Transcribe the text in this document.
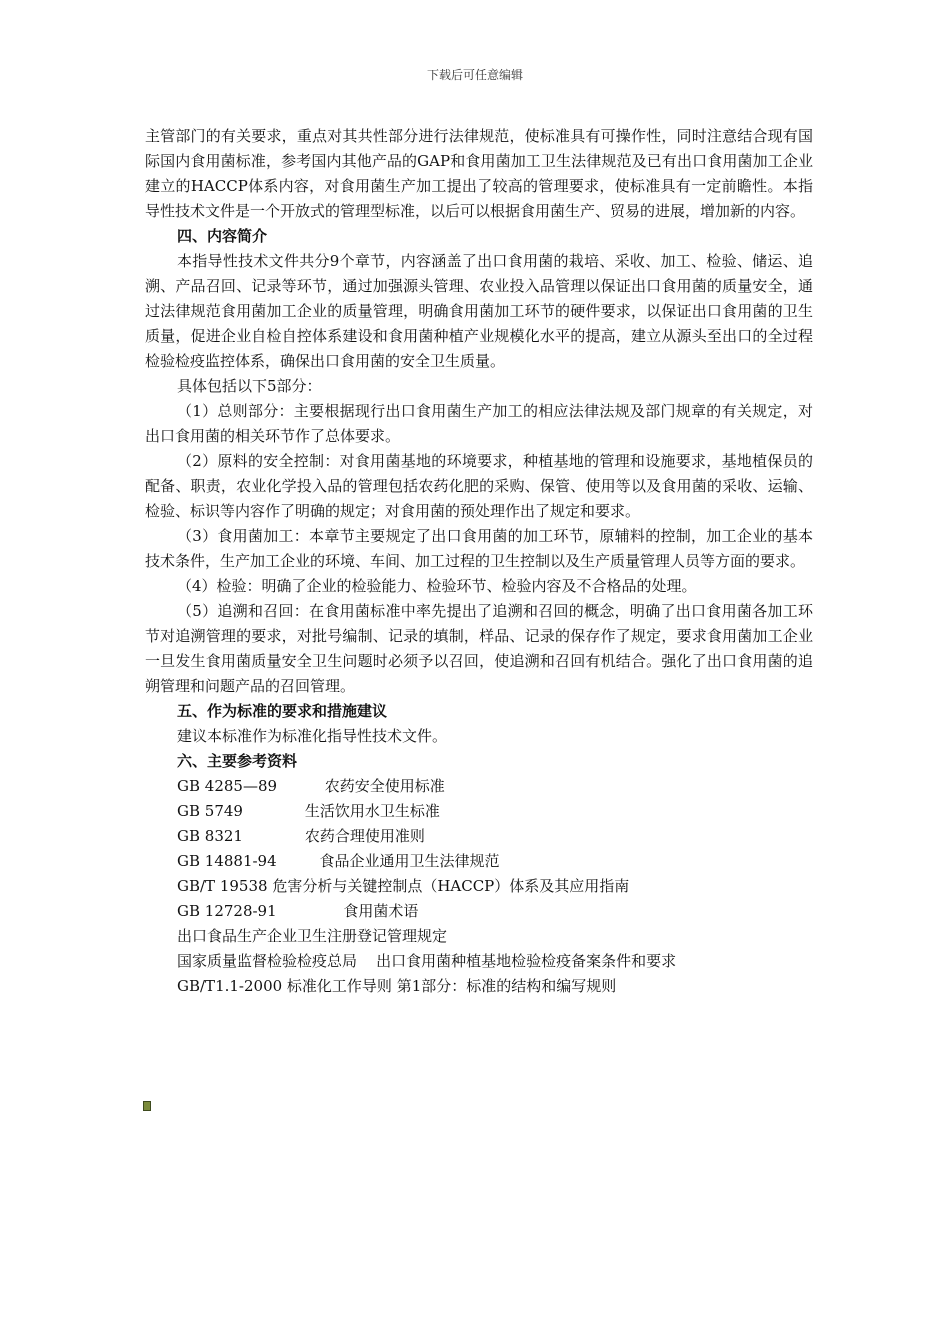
下载后可任意编辑

主管部门的有关要求，重点对其共性部分进行法律规范，使标准具有可操作性，同时注意结合现有国际国内食用菌标准，参考国内其他产品的GAP和食用菌加工卫生法律规范及已有出口食用菌加工企业建立的HACCP体系内容，对食用菌生产加工提出了较高的管理要求，使标准具有一定前瞻性。本指导性技术文件是一个开放式的管理型标准，以后可以根据食用菌生产、贸易的进展，增加新的内容。

四、内容简介

本指导性技术文件共分9个章节，内容涵盖了出口食用菌的栽培、采收、加工、检验、储运、追溯、产品召回、记录等环节，通过加强源头管理、农业投入品管理以保证出口食用菌的质量安全，通过法律规范食用菌加工企业的质量管理，明确食用菌加工环节的硬件要求，以保证出口食用菌的卫生质量，促进企业自检自控体系建设和食用菌种植产业规模化水平的提高，建立从源头至出口的全过程检验检疫监控体系，确保出口食用菌的安全卫生质量。

具体包括以下5部分：

（1）总则部分：主要根据现行出口食用菌生产加工的相应法律法规及部门规章的有关规定，对出口食用菌的相关环节作了总体要求。

（2）原料的安全控制：对食用菌基地的环境要求，种植基地的管理和设施要求，基地植保员的配备、职责，农业化学投入品的管理包括农药化肥的采购、保管、使用等以及食用菌的采收、运输、检验、标识等内容作了明确的规定；对食用菌的预处理作出了规定和要求。

（3）食用菌加工：本章节主要规定了出口食用菌的加工环节，原辅料的控制，加工企业的基本技术条件，生产加工企业的环境、车间、加工过程的卫生控制以及生产质量管理人员等方面的要求。

（4）检验：明确了企业的检验能力、检验环节、检验内容及不合格品的处理。

（5）追溯和召回：在食用菌标准中率先提出了追溯和召回的概念，明确了出口食用菌各加工环节对追溯管理的要求，对批号编制、记录的填制，样品、记录的保存作了规定，要求食用菌加工企业一旦发生食用菌质量安全卫生问题时必须予以召回，使追溯和召回有机结合。强化了出口食用菌的追朔管理和问题产品的召回管理。

五、作为标准的要求和措施建议

建议本标准作为标准化指导性技术文件。

六、主要参考资料

GB 4285—89          农药安全使用标准
GB 5749             生活饮用水卫生标准
GB 8321             农药合理使用准则
GB 14881-94         食品企业通用卫生法律规范
GB/T 19538 危害分析与关键控制点（HACCP）体系及其应用指南
GB 12728-91              食用菌术语
出口食品生产企业卫生注册登记管理规定
国家质量监督检验检疫总局    出口食用菌种植基地检验检疫备案条件和要求
GB/T1.1-2000 标准化工作导则 第1部分：标准的结构和编写规则
